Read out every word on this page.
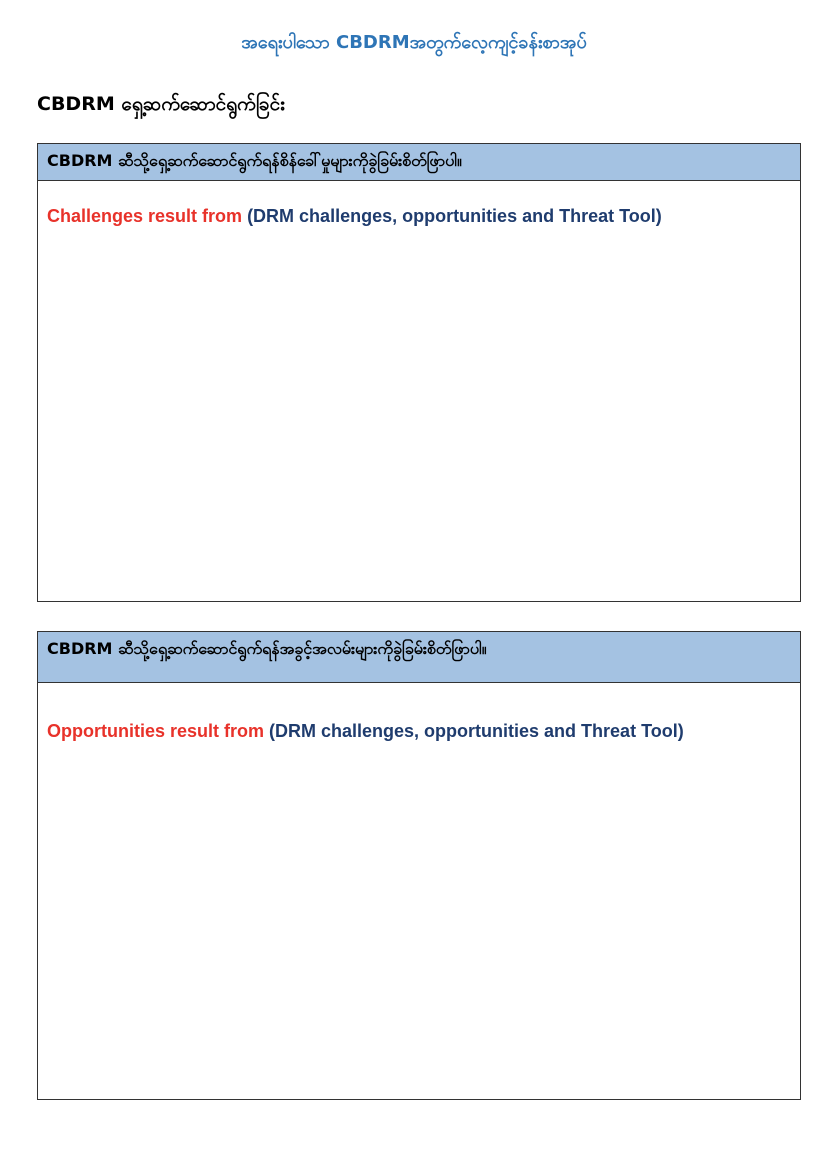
အရေးပါသော CBDRMအတွက်လေ့ကျင့်ခန်းစာအုပ်
CBDRM ရှေ့ဆက်ဆောင်ရွက်ခြင်း
CBDRM ဆီသို့ရှေ့ဆက်ဆောင်ရွက်ရန်စိန်ခေါ်မှုများကိုခွဲခြမ်းစိတ်ဖြာပါ။
Challenges result from (DRM challenges, opportunities and Threat Tool)
CBDRM ဆီသို့ရှေ့ဆက်ဆောင်ရွက်ရန်အခွင့်အလမ်းများကိုခွဲခြမ်းစိတ်ဖြာပါ။
Opportunities result from (DRM challenges, opportunities and Threat Tool)
